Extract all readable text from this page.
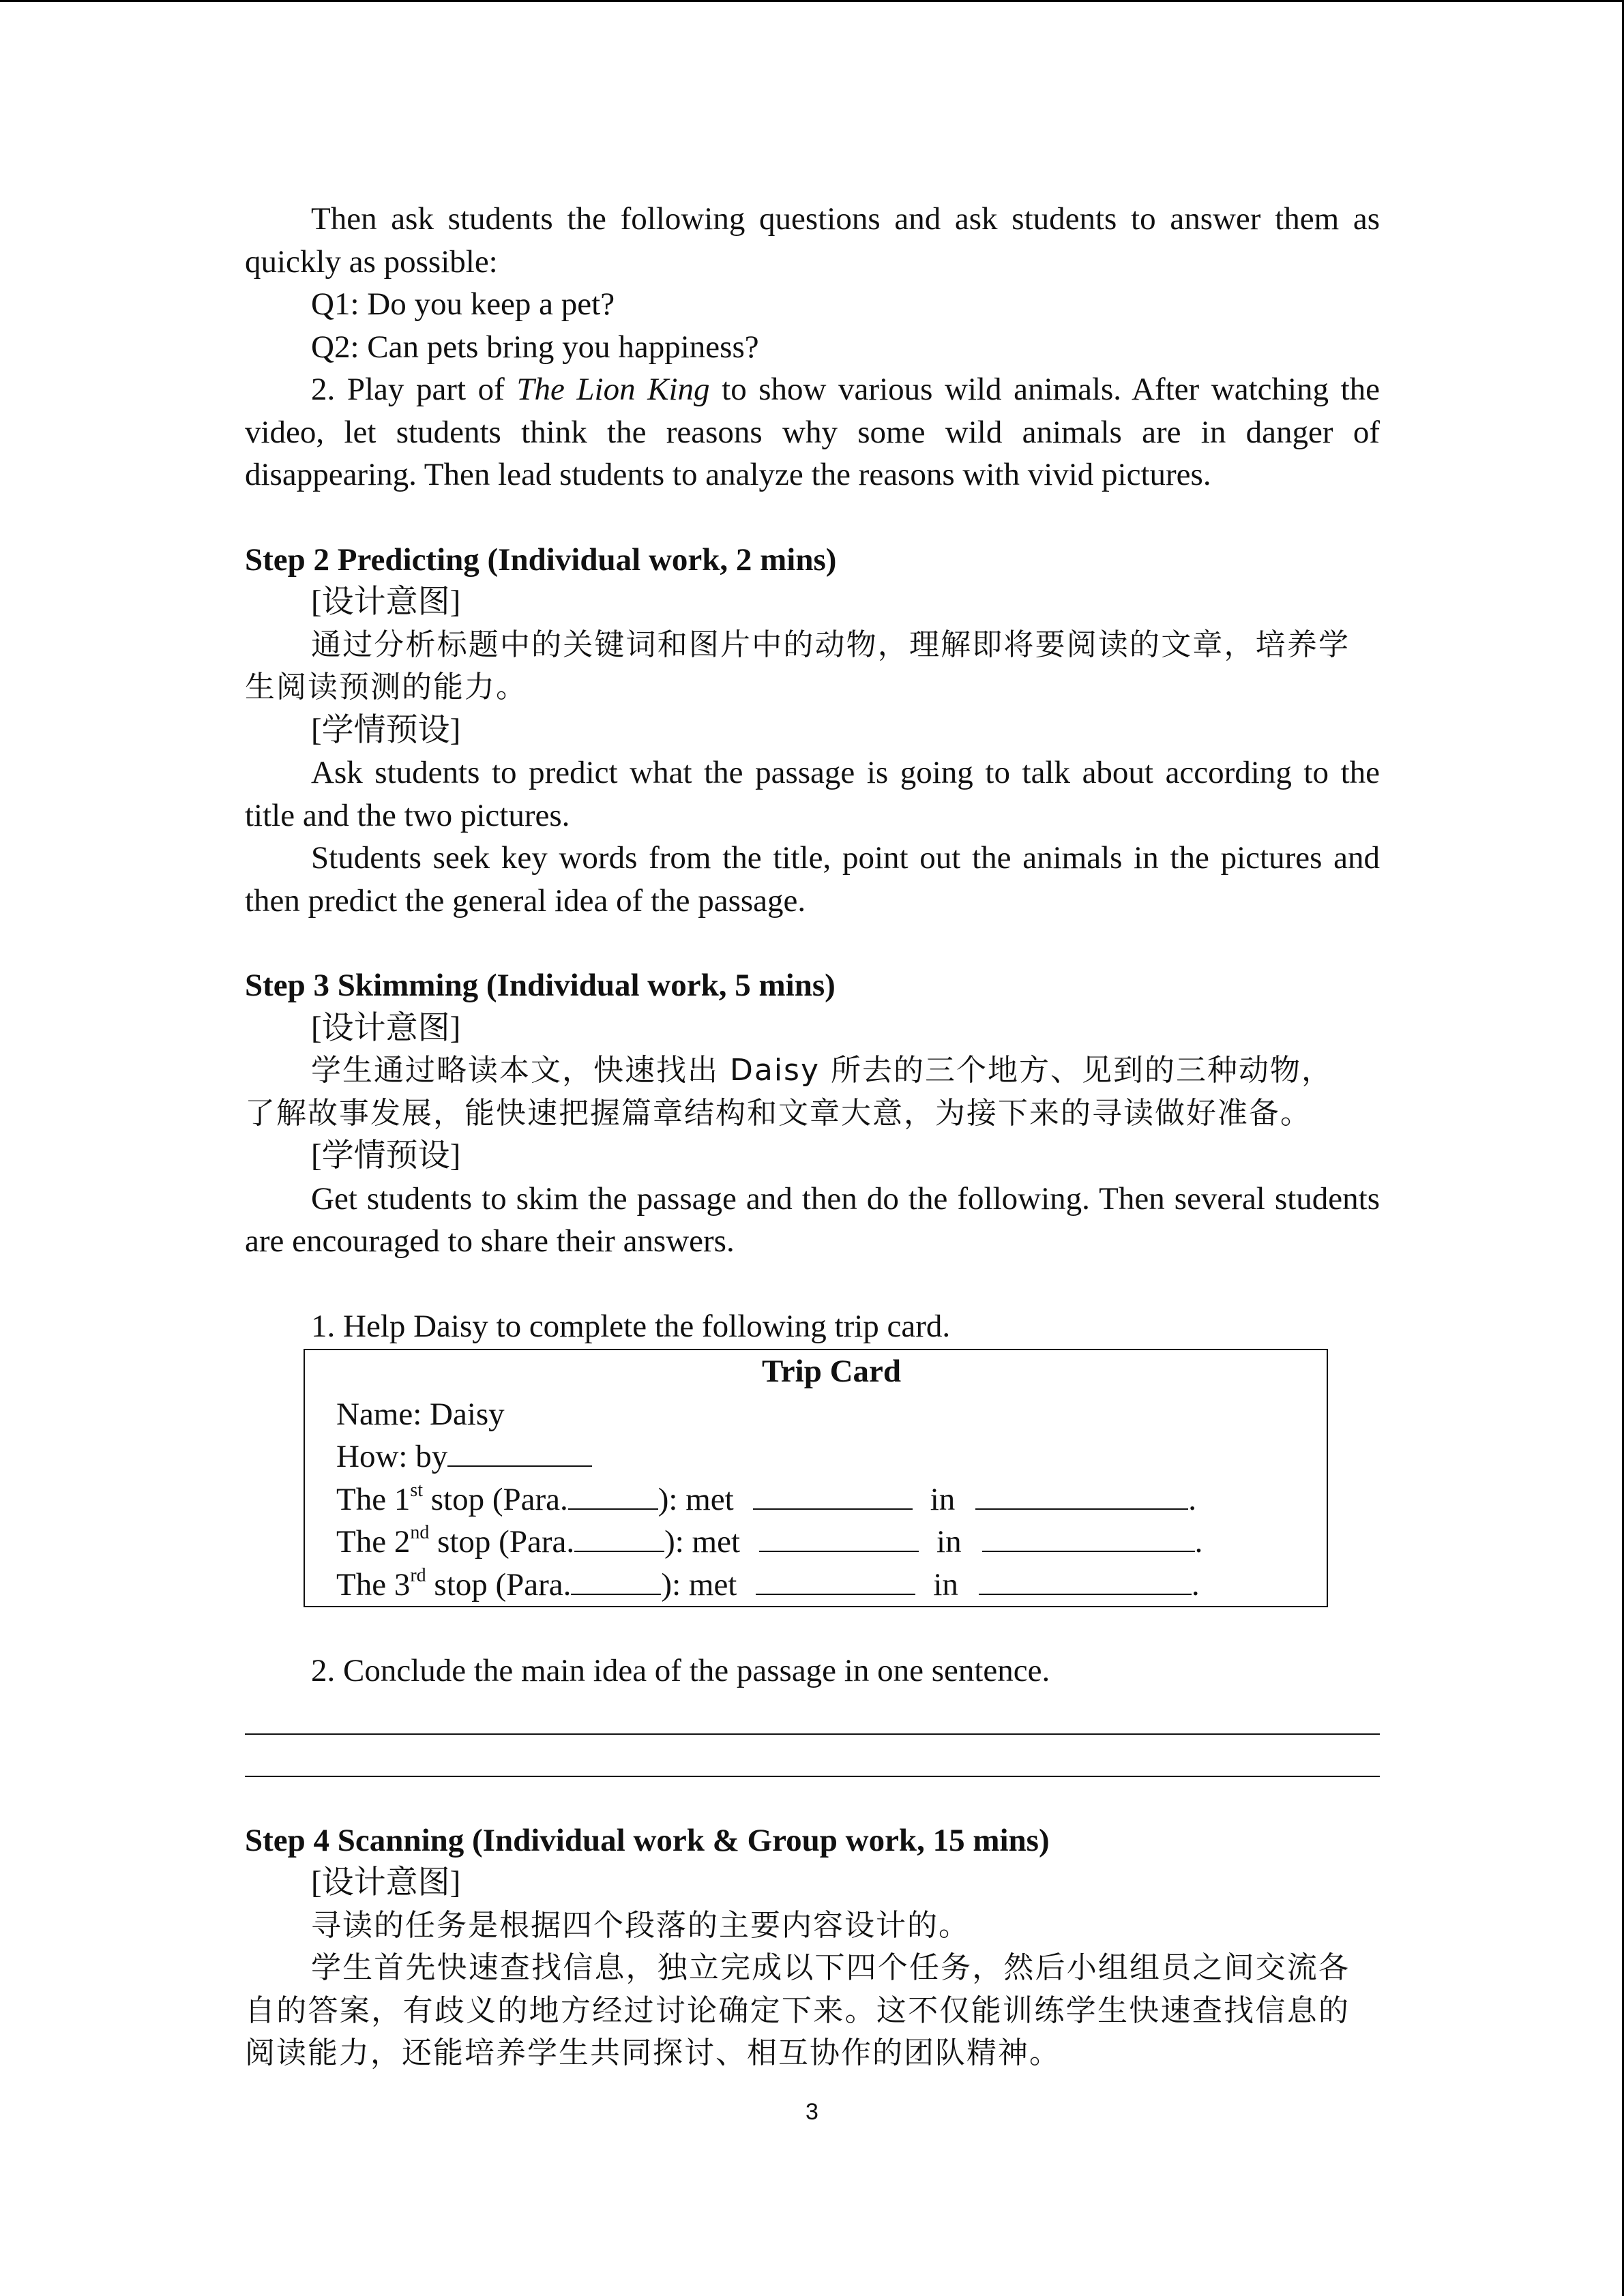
Then ask students the following questions and ask students to answer them as quickly as possible:

Q1: Do you keep a pet?

Q2: Can pets bring you happiness?

2. Play part of The Lion King to show various wild animals. After watching the video, let students think the reasons why some wild animals are in danger of disappearing. Then lead students to analyze the reasons with vivid pictures.

Step 2 Predicting (Individual work, 2 mins)

[设计意图]

通过分析标题中的关键词和图片中的动物，理解即将要阅读的文章，培养学生阅读预测的能力。

[学情预设]

Ask students to predict what the passage is going to talk about according to the title and the two pictures.

Students seek key words from the title, point out the animals in the pictures and then predict the general idea of the passage.

Step 3 Skimming (Individual work, 5 mins)

[设计意图]

学生通过略读本文，快速找出 Daisy 所去的三个地方、见到的三种动物，

了解故事发展，能快速把握篇章结构和文章大意，为接下来的寻读做好准备。

[学情预设]

Get students to skim the passage and then do the following. Then several students are encouraged to share their answers.

1. Help Daisy to complete the following trip card.

Trip Card

Name: Daisy

How: by

The 1st stop (Para.	): met	in	.

The 2nd stop (Para.	): met	in	.

The 3rd stop (Para.	): met	in	.

2. Conclude the main idea of the passage in one sentence.

Step 4 Scanning (Individual work & Group work, 15 mins)

[设计意图]

寻读的任务是根据四个段落的主要内容设计的。

学生首先快速查找信息，独立完成以下四个任务，然后小组组员之间交流各自的答案，有歧义的地方经过讨论确定下来。这不仅能训练学生快速查找信息的阅读能力，还能培养学生共同探讨、相互协作的团队精神。

3
